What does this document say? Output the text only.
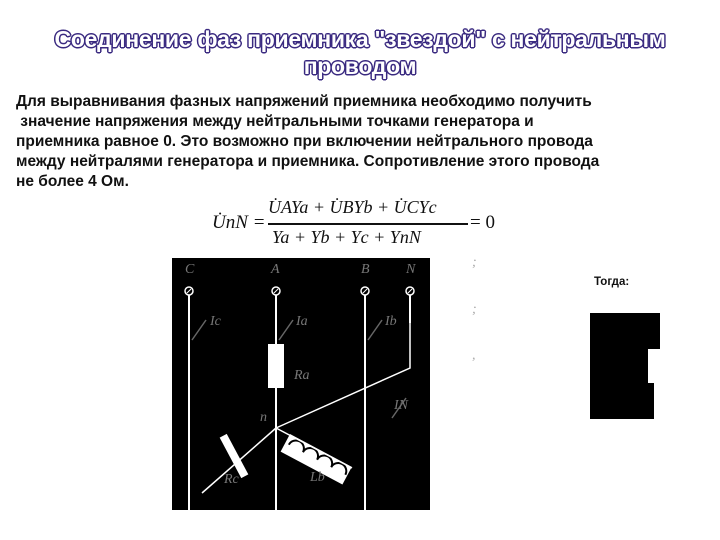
Соединение фаз приемника "звездой" с нейтральным проводом
Для выравнивания фазных напряжений приемника необходимо получить
значение напряжения между нейтральными точками генератора и
приемника равное 0. Это возможно при включении нейтрального провода
между нейтралями генератора и приемника. Сопротивление этого провода
не более 4 Ом.
U̇nN =
U̇AYa + U̇BYb + U̇CYc
Ya + Yb + Yc + YnN
= 0
C	A	B	N
Ic	Ia	Ib
IN
n
Ra
Rc	Lb
;
;
,
Тогда:
